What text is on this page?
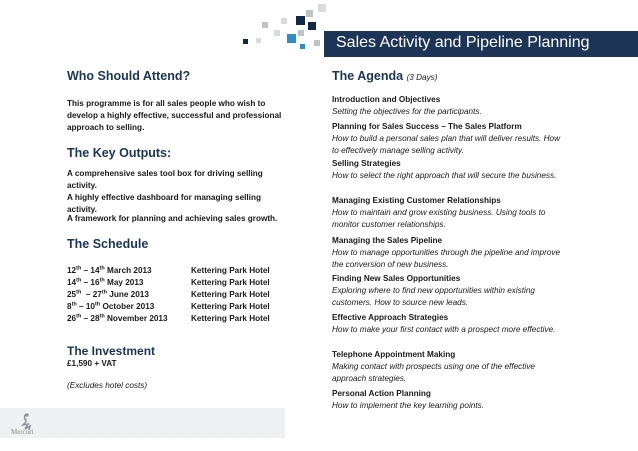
Sales Activity and Pipeline Planning
Who Should Attend?
This programme is for all sales people who wish to develop a highly effective, successful and professional approach to selling.
The Key Outputs:
A comprehensive sales tool box for driving selling activity.
A highly effective dashboard for managing selling activity.
A framework for planning and achieving sales growth.
The Schedule
12th – 14th March 2013	Kettering Park Hotel
14th – 16th May 2013	Kettering Park Hotel
25th  – 27th June 2013	Kettering Park Hotel
8th – 10th October 2013	Kettering Park Hotel
26th – 28th November 2013	Kettering Park Hotel
The Investment
£1,590 + VAT
(Excludes hotel costs)
The Agenda (3 Days)
Introduction and Objectives
Setting the objectives for the participants.
Planning for Sales Success – The Sales Platform
How to build a personal sales plan that will deliver results. How to effectively manage selling activity.
Selling Strategies
How to select the right approach that will secure the business.
Managing Existing Customer Relationships
How to maintain and grow existing business. Using tools to monitor customer relationships.
Managing the Sales Pipeline
How to manage opportunities through the pipeline and improve the conversion of new business.
Finding New Sales Opportunities
Exploring where to find new opportunities within existing customers. How to source new leads.
Effective Approach Strategies
How to make your first contact with a prospect more effective.
Telephone Appointment Making
Making contact with prospects using one of the effective approach strategies.
Personal Action Planning
How to implement the key learning points.
Mercuri
